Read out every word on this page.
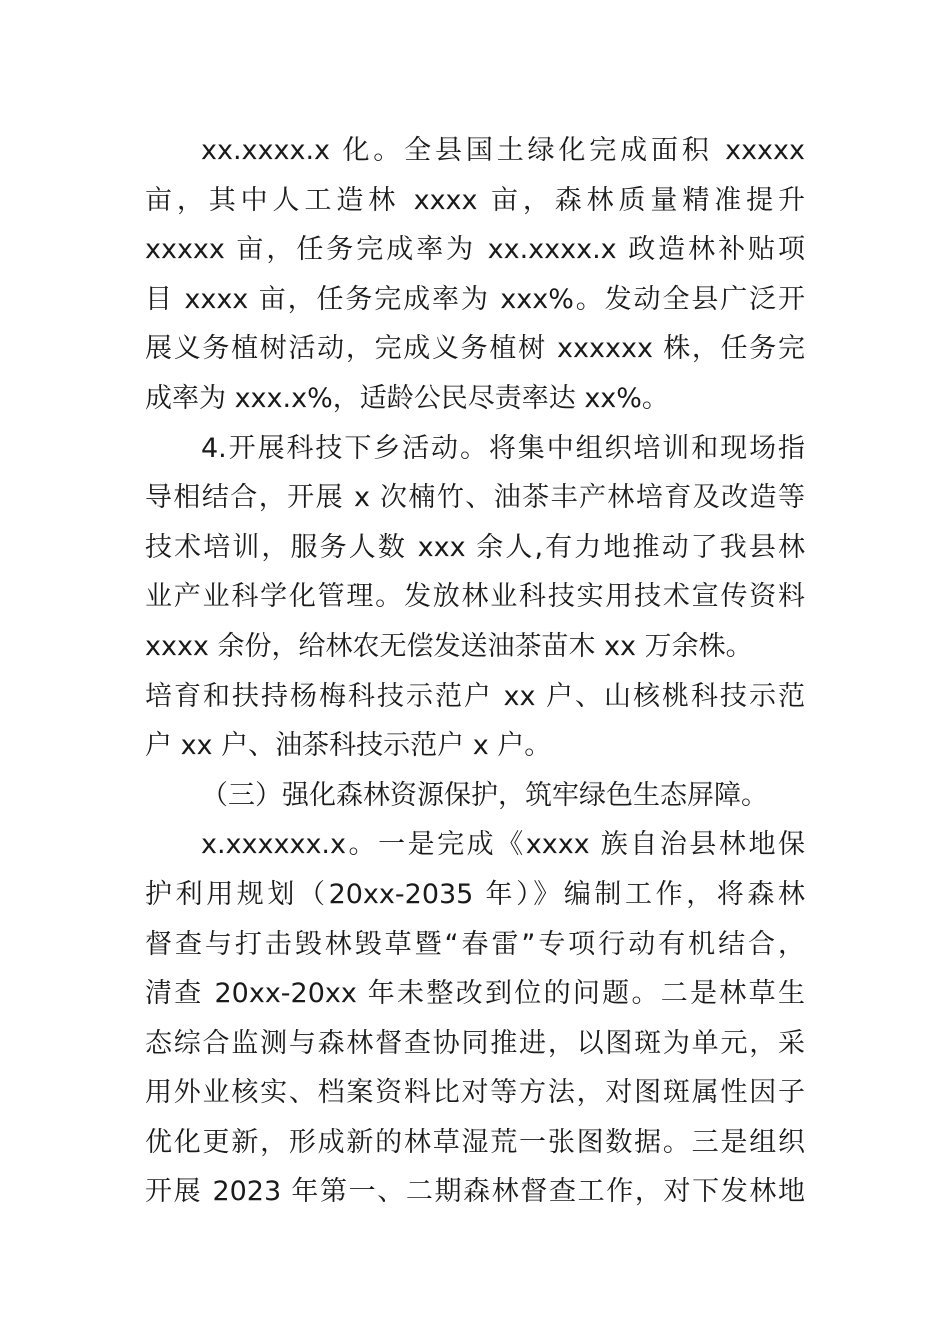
xx.xxxx.x 化。全县国土绿化完成面积 xxxxx
亩，其中人工造林 xxxx 亩，森林质量精准提升
xxxxx 亩，任务完成率为 xx.xxxx.x 政造林补贴项
目 xxxx 亩，任务完成率为 xxx%。发动全县广泛开
展义务植树活动，完成义务植树 xxxxxx 株，任务完
成率为 xxx.x%，适龄公民尽责率达 xx%。
4.开展科技下乡活动。将集中组织培训和现场指
导相结合，开展 x 次楠竹、油茶丰产林培育及改造等
技术培训，服务人数 xxx 余人,有力地推动了我县林
业产业科学化管理。发放林业科技实用技术宣传资料
xxxx 余份，给林农无偿发送油茶苗木 xx 万余株。
培育和扶持杨梅科技示范户 xx 户、山核桃科技示范
户 xx 户、油茶科技示范户 x 户。
（三）强化森林资源保护，筑牢绿色生态屏障。
x.xxxxxx.x。一是完成《xxxx 族自治县林地保
护利用规划（20xx-2035 年）》编制工作，将森林
督查与打击毁林毁草暨“春雷”专项行动有机结合，
清查 20xx-20xx 年未整改到位的问题。二是林草生
态综合监测与森林督查协同推进，以图斑为单元，采
用外业核实、档案资料比对等方法，对图斑属性因子
优化更新，形成新的林草湿荒一张图数据。三是组织
开展 2023 年第一、二期森林督查工作，对下发林地
